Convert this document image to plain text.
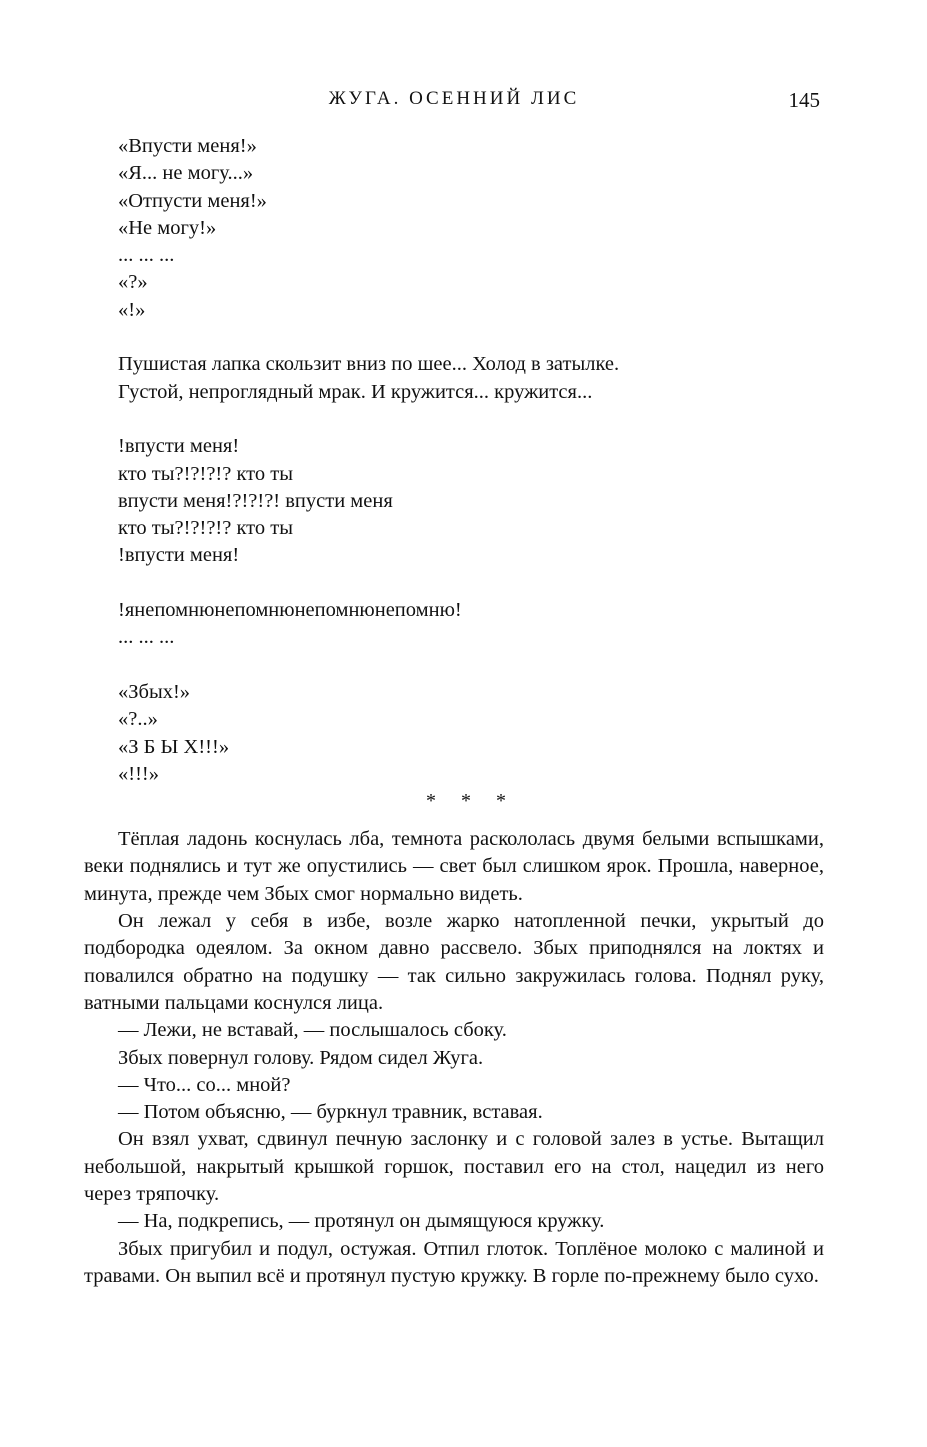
ЖУГА. ОСЕННИЙ ЛИС	145

«Впусти меня!»

«Я... не могу...»

«Отпусти меня!»

«Не могу!»

... ... ...

«?»

«!»

Пушистая лапка скользит вниз по шее... Холод в затылке.

Густой, непроглядный мрак. И кружится... кружится...

!впусти меня!

кто ты?!?!?!? кто ты

впусти меня!?!?!?! впусти меня

кто ты?!?!?!? кто ты

!впусти меня!

!янепомнюнепомнюнепомнюнепомню!

... ... ...

«Збых!»

«?..»

«З Б Ы Х!!!»

«!!!»

* * *

Тёплая ладонь коснулась лба, темнота раскололась двумя белыми вспышками, веки поднялись и тут же опустились — свет был слишком ярок. Прошла, наверное, минута, прежде чем Збых смог нормально видеть.

Он лежал у себя в избе, возле жарко натопленной печки, укрытый до подбородка одеялом. За окном давно рассвело. Збых приподнялся на локтях и повалился обратно на подушку — так сильно закружилась голова. Поднял руку, ватными пальцами коснулся лица.

— Лежи, не вставай, — послышалось сбоку.

Збых повернул голову. Рядом сидел Жуга.

— Что... со... мной?

— Потом объясню, — буркнул травник, вставая.

Он взял ухват, сдвинул печную заслонку и с головой залез в устье. Вытащил небольшой, накрытый крышкой горшок, поставил его на стол, нацедил из него через тряпочку.

— На, подкрепись, — протянул он дымящуюся кружку.

Збых пригубил и подул, остужая. Отпил глоток. Топлёное молоко с малиной и травами. Он выпил всё и протянул пустую кружку. В горле по-прежнему было сухо.
